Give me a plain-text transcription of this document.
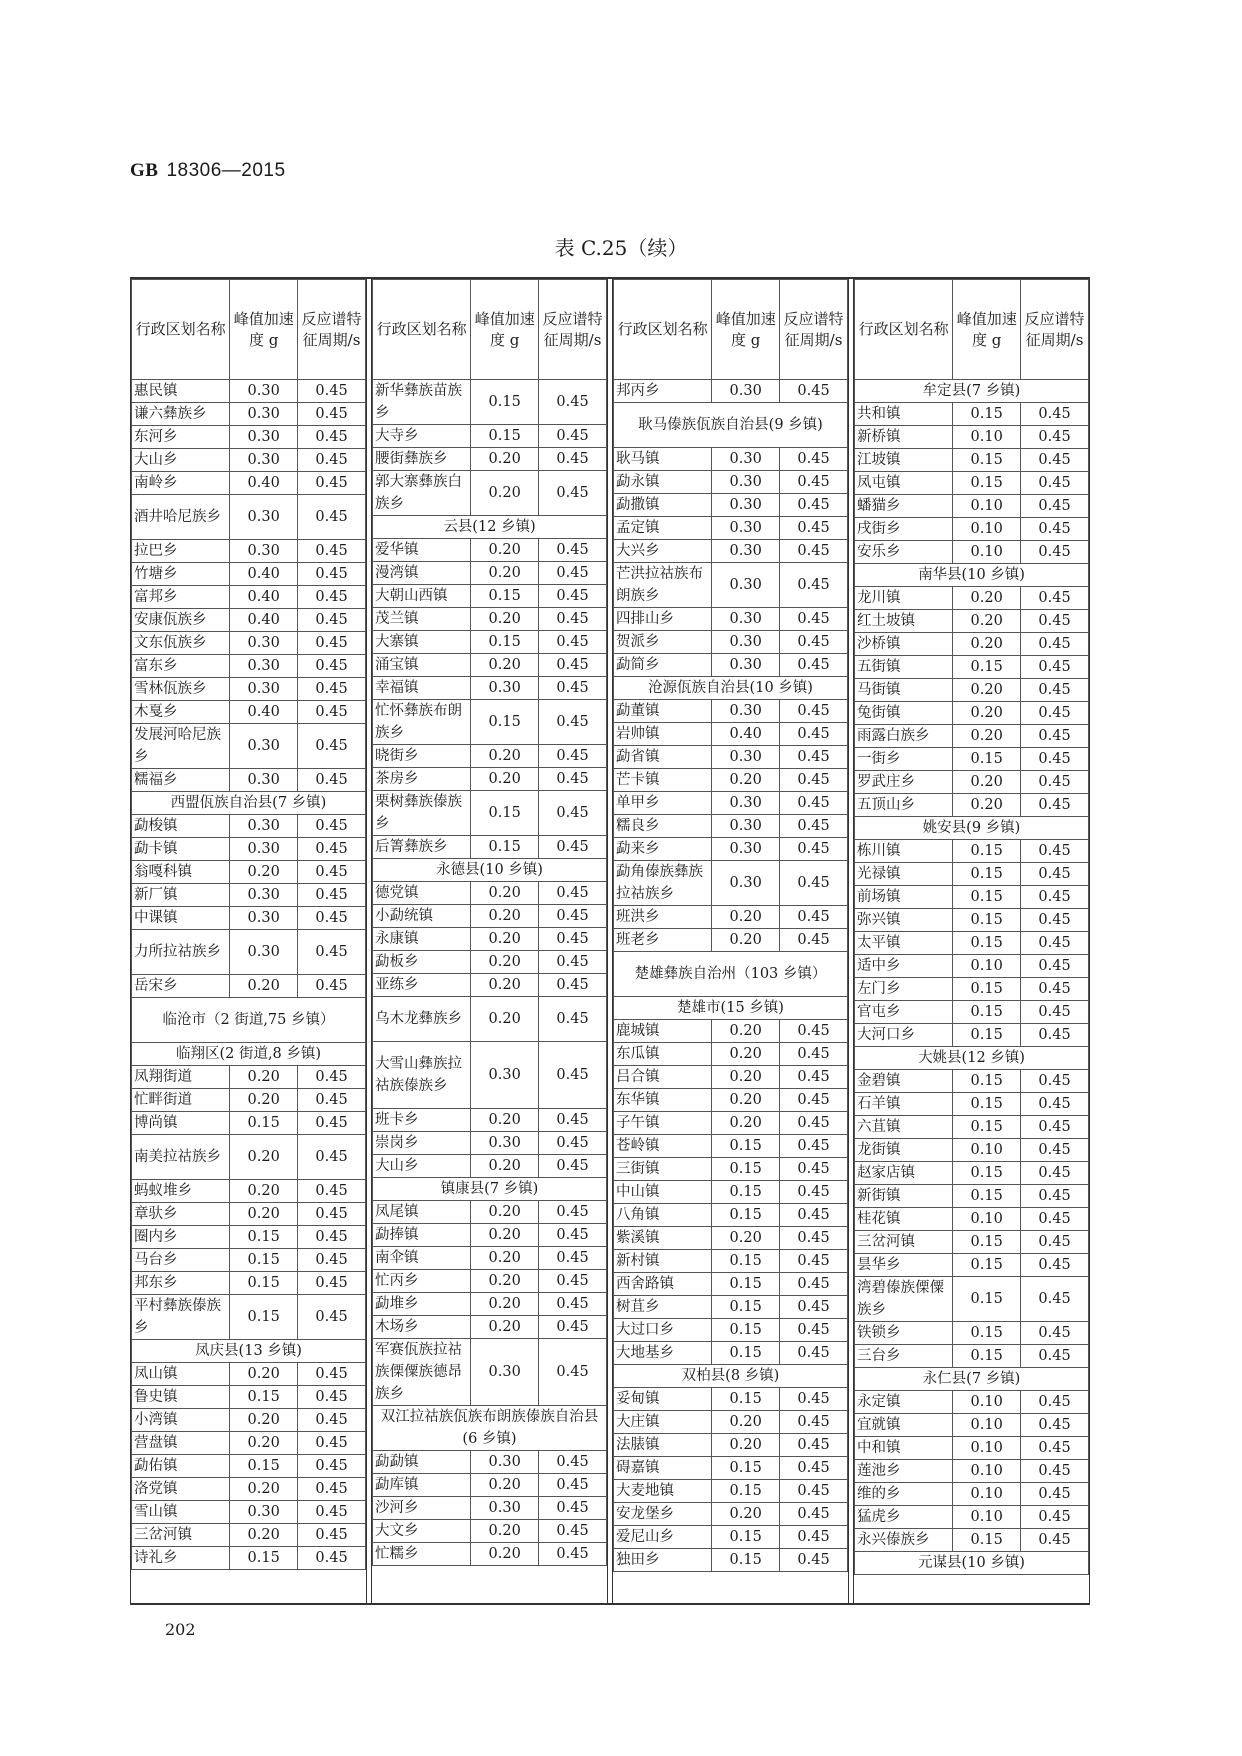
GB 18306—2015
表 C.25（续）
行政区划名称	峰值加速度 g	反应谱特征周期/s
惠民镇	0.30	0.45
谦六彝族乡	0.30	0.45
东河乡	0.30	0.45
大山乡	0.30	0.45
南岭乡	0.40	0.45
酒井哈尼族乡	0.30	0.45
拉巴乡	0.30	0.45
竹塘乡	0.40	0.45
富邦乡	0.40	0.45
安康佤族乡	0.40	0.45
文东佤族乡	0.30	0.45
富东乡	0.30	0.45
雪林佤族乡	0.30	0.45
木戛乡	0.40	0.45
发展河哈尼族乡	0.30	0.45
糯福乡	0.30	0.45
西盟佤族自治县(7 乡镇)		
勐梭镇	0.30	0.45
勐卡镇	0.30	0.45
翁嘎科镇	0.20	0.45
新厂镇	0.30	0.45
中课镇	0.30	0.45
力所拉祜族乡	0.30	0.45
岳宋乡	0.20	0.45
临沧市（2 街道,75 乡镇）		
临翔区(2 街道,8 乡镇)		
凤翔街道	0.20	0.45
忙畔街道	0.20	0.45
博尚镇	0.15	0.45
南美拉祜族乡	0.20	0.45
蚂蚁堆乡	0.20	0.45
章驮乡	0.20	0.45
圈内乡	0.15	0.45
马台乡	0.15	0.45
邦东乡	0.15	0.45
平村彝族傣族乡	0.15	0.45
凤庆县(13 乡镇)		
凤山镇	0.20	0.45
鲁史镇	0.15	0.45
小湾镇	0.20	0.45
营盘镇	0.20	0.45
勐佑镇	0.15	0.45
洛党镇	0.20	0.45
雪山镇	0.30	0.45
三岔河镇	0.20	0.45
诗礼乡	0.15	0.45
行政区划名称	峰值加速度 g	反应谱特征周期/s
新华彝族苗族乡	0.15	0.45
大寺乡	0.15	0.45
腰街彝族乡	0.20	0.45
郭大寨彝族白族乡	0.20	0.45
云县(12 乡镇)		
爱华镇	0.20	0.45
漫湾镇	0.20	0.45
大朝山西镇	0.15	0.45
茂兰镇	0.20	0.45
大寨镇	0.15	0.45
涌宝镇	0.20	0.45
幸福镇	0.30	0.45
忙怀彝族布朗族乡	0.15	0.45
晓街乡	0.20	0.45
茶房乡	0.20	0.45
栗树彝族傣族乡	0.15	0.45
后箐彝族乡	0.15	0.45
永德县(10 乡镇)		
德党镇	0.20	0.45
小勐统镇	0.20	0.45
永康镇	0.20	0.45
勐板乡	0.20	0.45
亚练乡	0.20	0.45
乌木龙彝族乡	0.20	0.45
大雪山彝族拉祜族傣族乡	0.30	0.45
班卡乡	0.20	0.45
崇岗乡	0.30	0.45
大山乡	0.20	0.45
镇康县(7 乡镇)		
凤尾镇	0.20	0.45
勐捧镇	0.20	0.45
南伞镇	0.20	0.45
忙丙乡	0.20	0.45
勐堆乡	0.20	0.45
木场乡	0.20	0.45
军赛佤族拉祜族傈僳族德昂族乡	0.30	0.45
双江拉祜族佤族布朗族傣族自治县(6 乡镇)		
勐勐镇	0.30	0.45
勐库镇	0.20	0.45
沙河乡	0.30	0.45
大文乡	0.20	0.45
忙糯乡	0.20	0.45
行政区划名称	峰值加速度 g	反应谱特征周期/s
邦丙乡	0.30	0.45
耿马傣族佤族自治县(9 乡镇)		
耿马镇	0.30	0.45
勐永镇	0.30	0.45
勐撒镇	0.30	0.45
孟定镇	0.30	0.45
大兴乡	0.30	0.45
芒洪拉祜族布朗族乡	0.30	0.45
四排山乡	0.30	0.45
贺派乡	0.30	0.45
勐简乡	0.30	0.45
沧源佤族自治县(10 乡镇)		
勐董镇	0.30	0.45
岩帅镇	0.40	0.45
勐省镇	0.30	0.45
芒卡镇	0.20	0.45
单甲乡	0.30	0.45
糯良乡	0.30	0.45
勐来乡	0.30	0.45
勐角傣族彝族拉祜族乡	0.30	0.45
班洪乡	0.20	0.45
班老乡	0.20	0.45
楚雄彝族自治州（103 乡镇）		
楚雄市(15 乡镇)		
鹿城镇	0.20	0.45
东瓜镇	0.20	0.45
吕合镇	0.20	0.45
东华镇	0.20	0.45
子午镇	0.20	0.45
苍岭镇	0.15	0.45
三街镇	0.15	0.45
中山镇	0.15	0.45
八角镇	0.15	0.45
紫溪镇	0.20	0.45
新村镇	0.15	0.45
西舍路镇	0.15	0.45
树苴乡	0.15	0.45
大过口乡	0.15	0.45
大地基乡	0.15	0.45
双柏县(8 乡镇)		
妥甸镇	0.15	0.45
大庄镇	0.20	0.45
法脿镇	0.20	0.45
碍嘉镇	0.15	0.45
大麦地镇	0.15	0.45
安龙堡乡	0.20	0.45
爱尼山乡	0.15	0.45
独田乡	0.15	0.45
行政区划名称	峰值加速度 g	反应谱特征周期/s
牟定县(7 乡镇)		
共和镇	0.15	0.45
新桥镇	0.10	0.45
江坡镇	0.15	0.45
凤屯镇	0.15	0.45
蟠猫乡	0.10	0.45
戌街乡	0.10	0.45
安乐乡	0.10	0.45
南华县(10 乡镇)		
龙川镇	0.20	0.45
红土坡镇	0.20	0.45
沙桥镇	0.20	0.45
五街镇	0.15	0.45
马街镇	0.20	0.45
兔街镇	0.20	0.45
雨露白族乡	0.20	0.45
一街乡	0.15	0.45
罗武庄乡	0.20	0.45
五顶山乡	0.20	0.45
姚安县(9 乡镇)		
栋川镇	0.15	0.45
光禄镇	0.15	0.45
前场镇	0.15	0.45
弥兴镇	0.15	0.45
太平镇	0.15	0.45
适中乡	0.10	0.45
左门乡	0.15	0.45
官屯乡	0.15	0.45
大河口乡	0.15	0.45
大姚县(12 乡镇)		
金碧镇	0.15	0.45
石羊镇	0.15	0.45
六苴镇	0.15	0.45
龙街镇	0.10	0.45
赵家店镇	0.15	0.45
新街镇	0.15	0.45
桂花镇	0.10	0.45
三岔河镇	0.15	0.45
昙华乡	0.15	0.45
湾碧傣族傈僳族乡	0.15	0.45
铁锁乡	0.15	0.45
三台乡	0.15	0.45
永仁县(7 乡镇)		
永定镇	0.10	0.45
宜就镇	0.10	0.45
中和镇	0.10	0.45
莲池乡	0.10	0.45
维的乡	0.10	0.45
猛虎乡	0.10	0.45
永兴傣族乡	0.15	0.45
元谋县(10 乡镇)		
202
